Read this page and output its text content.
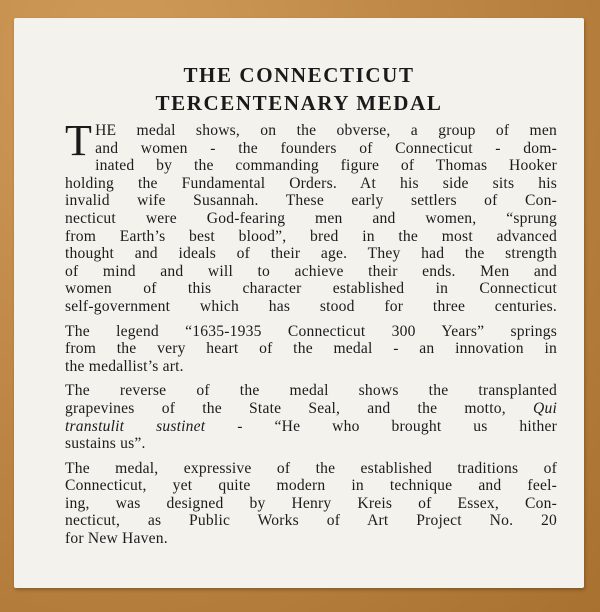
THE CONNECTICUT
TERCENTENARY MEDAL
T HE medal shows, on the obverse, a group of men
and women - the founders of Connecticut - dom-
inated by the commanding figure of Thomas Hooker
holding the Fundamental Orders. At his side sits his
invalid wife Susannah. These early settlers of Con-
necticut were God-fearing men and women, “sprung
from Earth’s best blood”, bred in the most advanced
thought and ideals of their age. They had the strength
of mind and will to achieve their ends. Men and
women of this character established in Connecticut
self-government which has stood for three centuries.
The legend “1635-1935 Connecticut 300 Years” springs
from the very heart of the medal - an innovation in
the medallist’s art.
The reverse of the medal shows the transplanted
grapevines of the State Seal, and the motto, Qui
transtulit sustinet - “He who brought us hither
sustains us”.
The medal, expressive of the established traditions of
Connecticut, yet quite modern in technique and feel-
ing, was designed by Henry Kreis of Essex, Con-
necticut, as Public Works of Art Project No. 20
for New Haven.
